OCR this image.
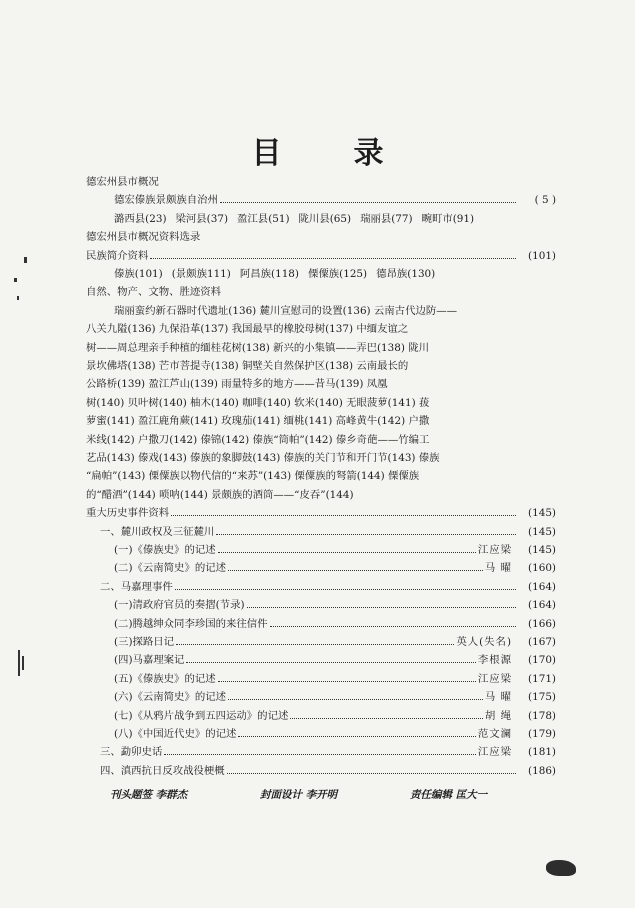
目 录
德宏州县市概况
德宏傣族景颇族自治州	( 5 )
潞西县(23) 梁河县(37) 盈江县(51) 陇川县(65) 瑞丽县(77) 畹町市(91)
德宏州县市概况资料选录
民族简介资料	(101)
傣族(101) (景颇族111) 阿昌族(118) 傈僳族(125) 德昂族(130)
自然、物产、文物、胜迹资料
瑞丽蛮约新石器时代遗址(136) 麓川宣慰司的设置(136) 云南古代边防——
八关九隘(136) 九保沿革(137) 我国最早的橡胶母树(137) 中缅友谊之
树——周总理亲手种植的缅桂花树(138) 新兴的小集镇——弄巴(138) 陇川
景坎佛塔(138) 芒市菩提寺(138) 铜壁关自然保护区(138) 云南最长的
公路桥(139) 盈江芦山(139) 雨量特多的地方——昔马(139) 凤凰
树(140) 贝叶树(140) 柚木(140) 咖啡(140) 软米(140) 无眼菠萝(141) 菝
萝蜜(141) 盈江鹿角蕨(141) 玫瑰茄(141) 缅桃(141) 高峰黄牛(142) 户撒
米线(142) 户撒刀(142) 傣锦(142) 傣族“筒帕”(142) 傣乡奇葩——竹编工
艺品(143) 傣戏(143) 傣族的象脚鼓(143) 傣族的关门节和开门节(143) 傣族
“扁帕”(143) 傈僳族以物代信的“来苏”(143) 傈僳族的弩箭(144) 傈僳族
的“醋酒”(144) 唢呐(144) 景颇族的酒筒——“皮吞”(144)
重大历史事件资料	(145)
一、麓川政权及三征麓川	(145)
(一)《傣族史》的记述	江应梁	(145)
(二)《云南简史》的记述	马 曜	(160)
二、马嘉理事件	(164)
(一)清政府官员的奏摺(节录)	(164)
(二)腾越绅众同李珍国的来往信件	(166)
(三)探路日记	英人(失名)	(167)
(四)马嘉理案记	李根源	(170)
(五)《傣族史》的记述	江应梁	(171)
(六)《云南简史》的记述	马 曜	(175)
(七)《从鸦片战争到五四运动》的记述	胡 绳	(178)
(八)《中国近代史》的记述	范文澜	(179)
三、勐卯史话	江应梁	(181)
四、滇西抗日反攻战役梗概	(186)
刊头题签 李群杰	封面设计 李开明	责任编辑 匡大一
